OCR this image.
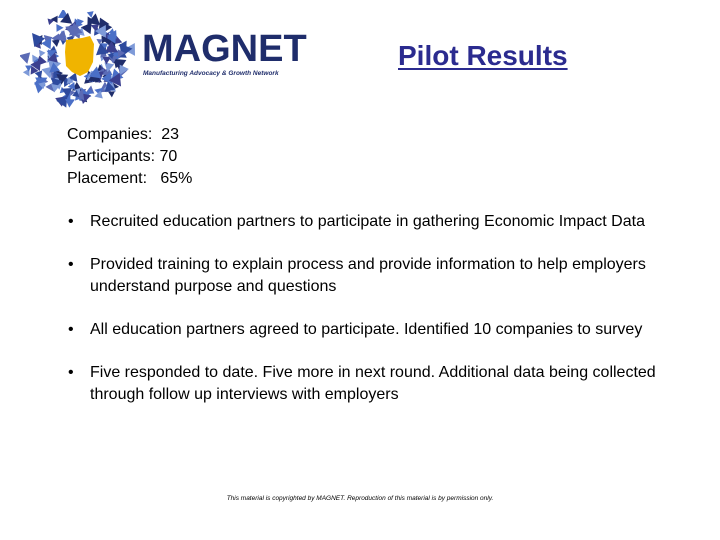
MAGNET
Manufacturing Advocacy & Growth Network
Pilot Results
Companies:  23
Participants: 70
Placement:   65%
• Recruited education partners to participate in gathering Economic Impact Data
• Provided training to explain process and provide information to help employers understand purpose and questions
• All education partners agreed to participate. Identified 10 companies to survey
• Five responded to date. Five more in next round. Additional data being collected through follow up interviews with employers
This material is copyrighted by MAGNET. Reproduction of this material is by permission only.
